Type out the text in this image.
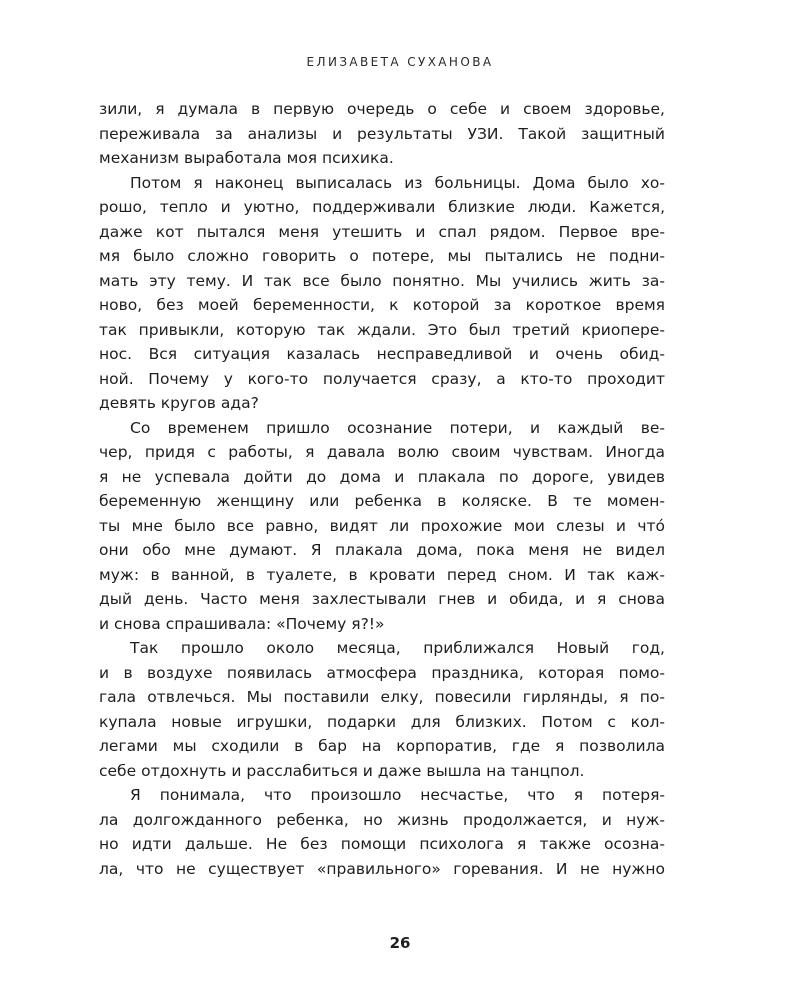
ЕЛИЗАВЕТА СУХАНОВА
зили, я думала в первую очередь о себе и своем здоровье,
переживала за анализы и результаты УЗИ. Такой защитный
механизм выработала моя психика.
Потом я наконец выписалась из больницы. Дома было хо-
рошо, тепло и уютно, поддерживали близкие люди. Кажется,
даже кот пытался меня утешить и спал рядом. Первое вре-
мя было сложно говорить о потере, мы пытались не подни-
мать эту тему. И так все было понятно. Мы учились жить за-
ново, без моей беременности, к которой за короткое время
так привыкли, которую так ждали. Это был третий криоперe-
нос. Вся ситуация казалась несправедливой и очень обид-
ной. Почему у кого-то получается сразу, а кто-то проходит
девять кругов ада?
Со временем пришло осознание потери, и каждый ве-
чер, придя с работы, я давала волю своим чувствам. Иногда
я не успевала дойти до дома и плакала по дороге, увидев
беременную женщину или ребенка в коляске. В те момен-
ты мне было все равно, видят ли прохожие мои слезы и что́
они обо мне думают. Я плакала дома, пока меня не видел
муж: в ванной, в туалете, в кровати перед сном. И так каж-
дый день. Часто меня захлестывали гнев и обида, и я снова
и снова спрашивала: «Почему я?!»
Так прошло около месяца, приближался Новый год,
и в воздухе появилась атмосфера праздника, которая помо-
гала отвлечься. Мы поставили елку, повесили гирлянды, я по-
купала новые игрушки, подарки для близких. Потом с кол-
легами мы сходили в бар на корпоратив, где я позволила
себе отдохнуть и расслабиться и даже вышла на танцпол.
Я понимала, что произошло несчастье, что я потеря-
ла долгожданного ребенка, но жизнь продолжается, и нуж-
но идти дальше. Не без помощи психолога я также осозна-
ла, что не существует «правильного» горевания. И не нужно
26
